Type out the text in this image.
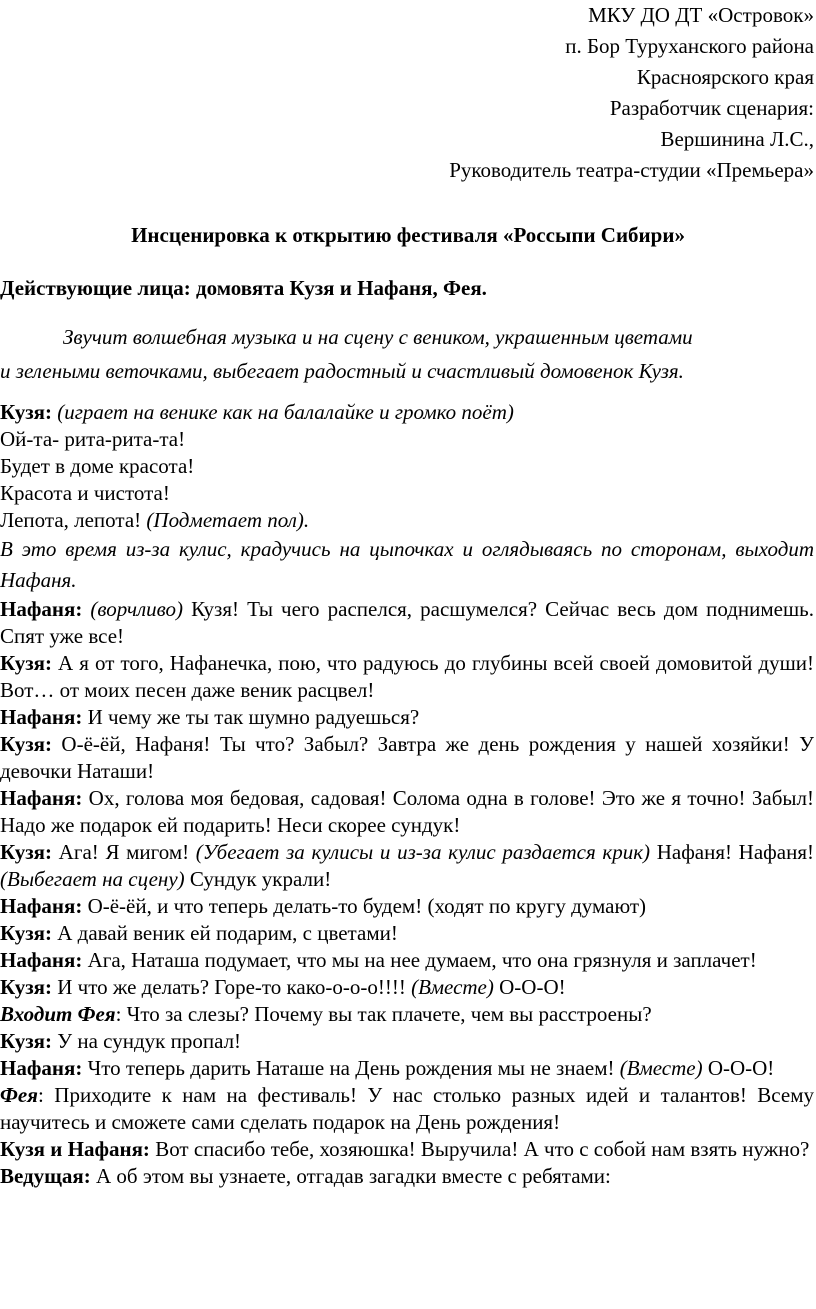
МКУ ДО ДТ «Островок»
п. Бор Туруханского района
Красноярского края
Разработчик сценария:
Вершинина Л.С.,
Руководитель театра-студии «Премьера»
Инсценировка к открытию фестиваля «Россыпи Сибири»
Действующие лица: домовята Кузя и Нафаня, Фея.
Звучит волшебная музыка и на сцену с веником, украшенным цветами
и зелеными веточками, выбегает радостный и счастливый домовенок Кузя.

Кузя: (играет на венике как на балалайке и громко поёт)

Ой-та- рита-рита-та!

Будет в доме красота!

Красота и чистота!

Лепота, лепота! (Подметает пол).

В это время из-за кулис, крадучись на цыпочках и оглядываясь по сторонам, выходит Нафаня.

Нафаня: (ворчливо) Кузя! Ты чего распелся, расшумелся? Сейчас весь дом поднимешь. Спят уже все!

Кузя: А я от того, Нафанечка, пою, что радуюсь до глубины всей своей домовитой души! Вот… от моих песен даже веник расцвел!

Нафаня: И чему же ты так шумно радуешься?

Кузя: О-ё-ёй, Нафаня! Ты что? Забыл? Завтра же день рождения у нашей хозяйки! У девочки Наташи!

Нафаня: Ох, голова моя бедовая, садовая! Солома одна в голове! Это же я точно! Забыл! Надо же подарок ей подарить! Неси скорее сундук!

Кузя: Ага! Я мигом! (Убегает за кулисы и из-за кулис раздается крик) Нафаня! Нафаня! (Выбегает на сцену) Сундук украли!

Нафаня: О-ё-ёй, и что теперь делать-то будем! (ходят по кругу думают)

Кузя: А давай веник ей подарим, с цветами!

Нафаня: Ага, Наташа подумает, что мы на нее думаем, что она грязнуля и заплачет!

Кузя: И что же делать? Горе-то како-о-о-о!!!! (Вместе) О-О-О!

Входит Фея: Что за слезы? Почему вы так плачете, чем вы расстроены?

Кузя: У на сундук пропал!

Нафаня: Что теперь дарить Наташе на День рождения мы не знаем! (Вместе) О-О-О!

Фея: Приходите к нам на фестиваль! У нас столько разных идей и талантов! Всему научитесь и сможете сами сделать подарок на День рождения!

Кузя и Нафаня: Вот спасибо тебе, хозяюшка! Выручила! А что с собой нам взять нужно?

Ведущая: А об этом вы узнаете, отгадав загадки вместе с ребятами:
